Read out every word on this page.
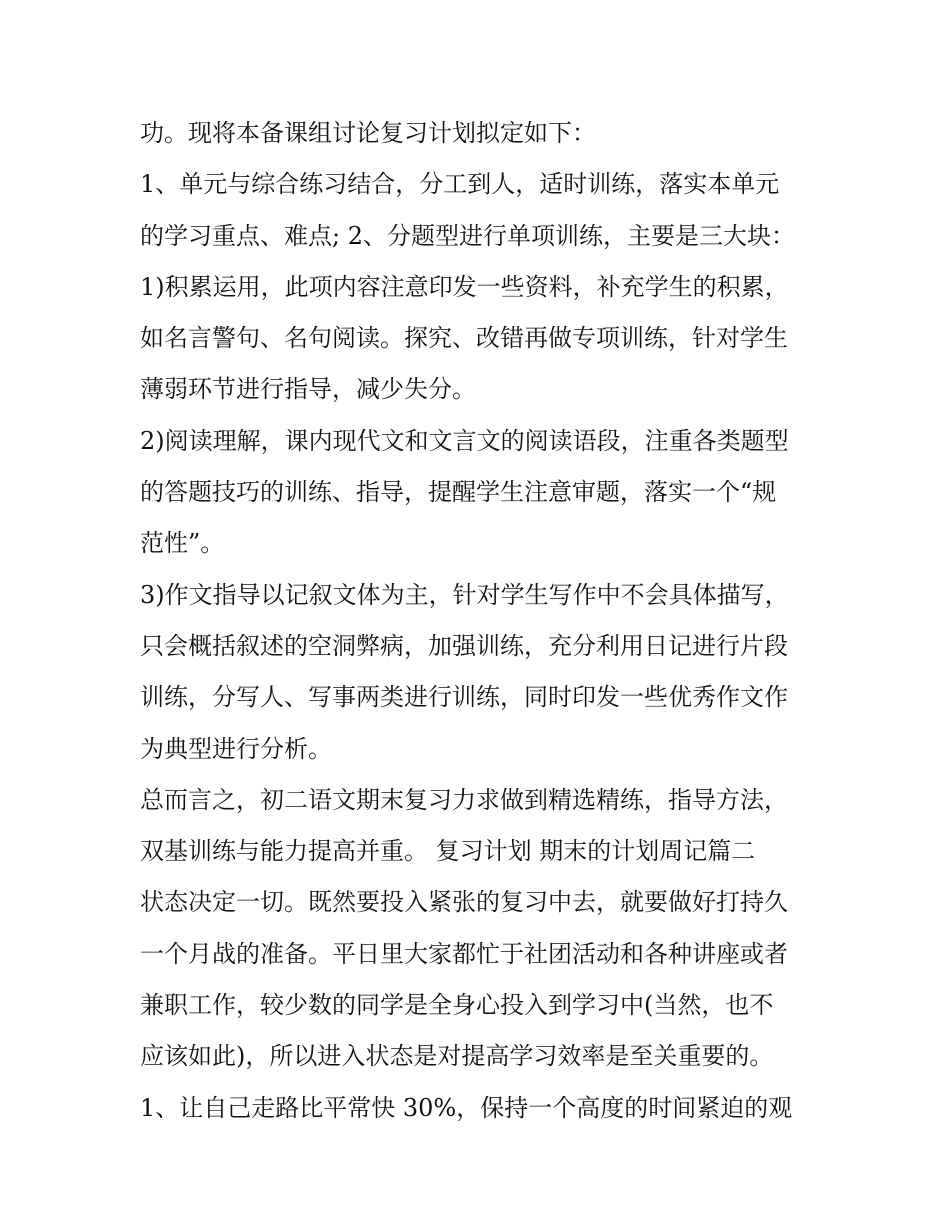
功。现将本备课组讨论复习计划拟定如下：
1、单元与综合练习结合，分工到人，适时训练，落实本单元
的学习重点、难点; 2、分题型进行单项训练，主要是三大块：
1)积累运用，此项内容注意印发一些资料，补充学生的积累，
如名言警句、名句阅读。探究、改错再做专项训练，针对学生
薄弱环节进行指导，减少失分。
2)阅读理解，课内现代文和文言文的阅读语段，注重各类题型
的答题技巧的训练、指导，提醒学生注意审题，落实一个“规
范性”。
3)作文指导以记叙文体为主，针对学生写作中不会具体描写，
只会概括叙述的空洞弊病，加强训练，充分利用日记进行片段
训练，分写人、写事两类进行训练，同时印发一些优秀作文作
为典型进行分析。
总而言之，初二语文期末复习力求做到精选精练，指导方法，
双基训练与能力提高并重。 复习计划 期末的计划周记篇二
状态决定一切。既然要投入紧张的复习中去，就要做好打持久
一个月战的准备。平日里大家都忙于社团活动和各种讲座或者
兼职工作，较少数的同学是全身心投入到学习中(当然，也不
应该如此)，所以进入状态是对提高学习效率是至关重要的。
1、让自己走路比平常快 30%，保持一个高度的时间紧迫的观
